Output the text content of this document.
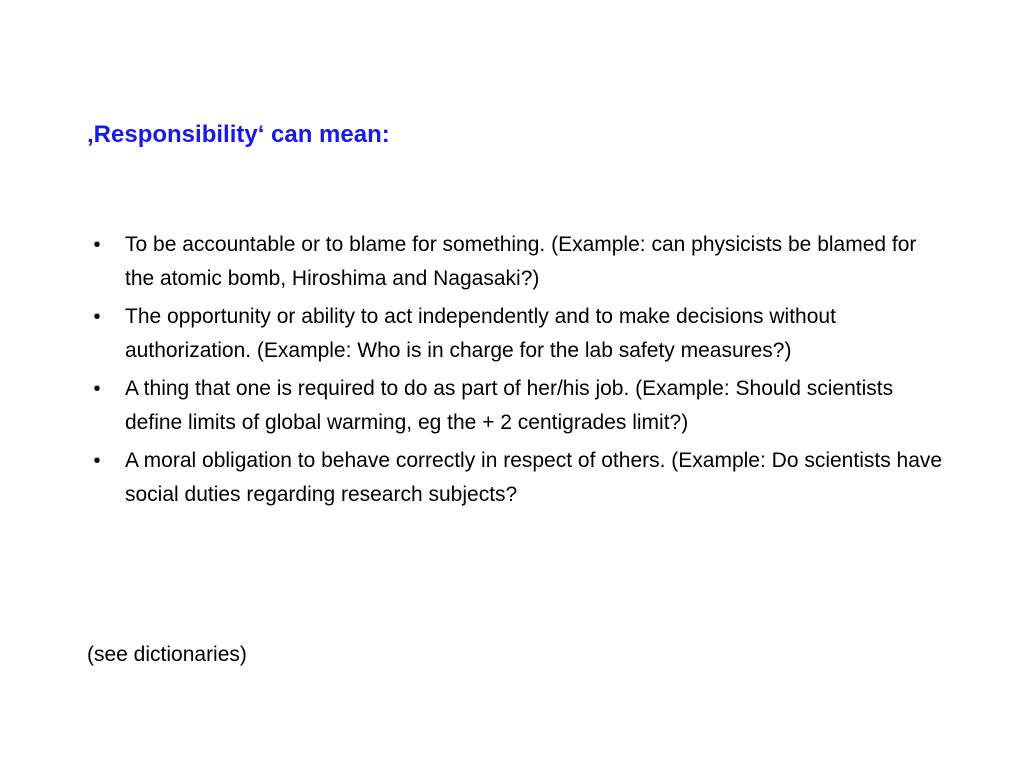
‚Responsibility‘ can mean:
•	To be accountable or to blame for something. (Example: can physicists be blamed for the atomic bomb, Hiroshima and Nagasaki?)
•	The opportunity or ability to act independently and to make decisions without authorization. (Example: Who is in charge for the lab safety measures?)
•	A thing that one is required to do as part of her/his job. (Example: Should scientists define limits of global warming, eg the + 2 centigrades limit?)
•	A moral obligation to behave correctly in respect of others. (Example: Do scientists have social duties regarding research subjects?
(see dictionaries)
